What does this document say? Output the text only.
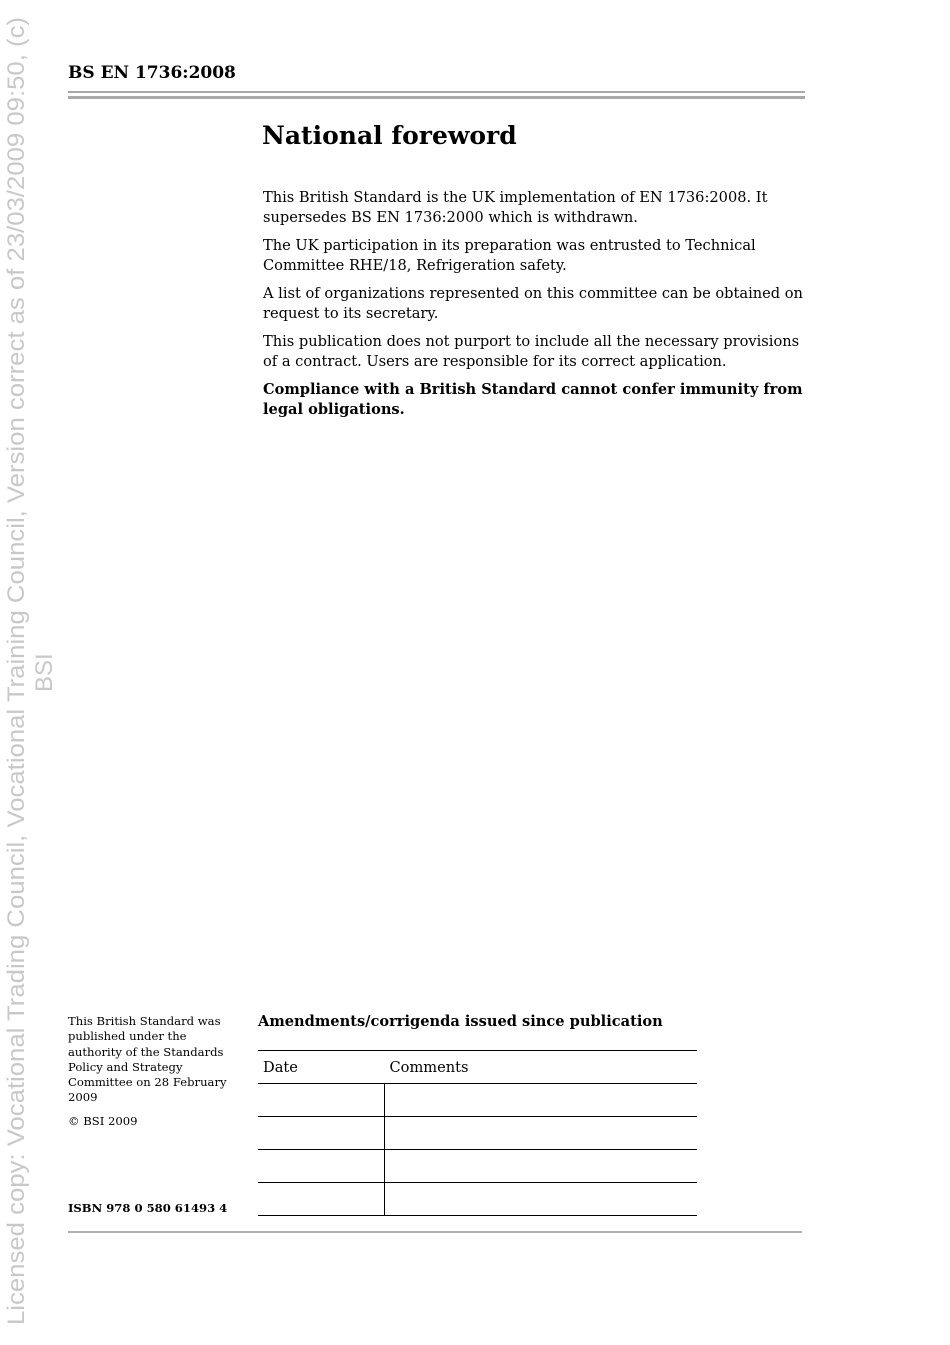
Licensed copy: Vocational Trading Council, Vocational Training Council, Version correct as of 23/03/2009 09:50, (c) BSI
BS EN 1736:2008
National foreword

This British Standard is the UK implementation of EN 1736:2008. It supersedes BS EN 1736:2000 which is withdrawn.

The UK participation in its preparation was entrusted to Technical Committee RHE/18, Refrigeration safety.

A list of organizations represented on this committee can be obtained on request to its secretary.

This publication does not purport to include all the necessary provisions of a contract. Users are responsible for its correct application.

Compliance with a British Standard cannot confer immunity from legal obligations.

This British Standard was published under the authority of the Standards Policy and Strategy Committee on 28 February 2009

© BSI 2009

ISBN 978 0 580 61493 4
Amendments/corrigenda issued since publication
Date	Comments
